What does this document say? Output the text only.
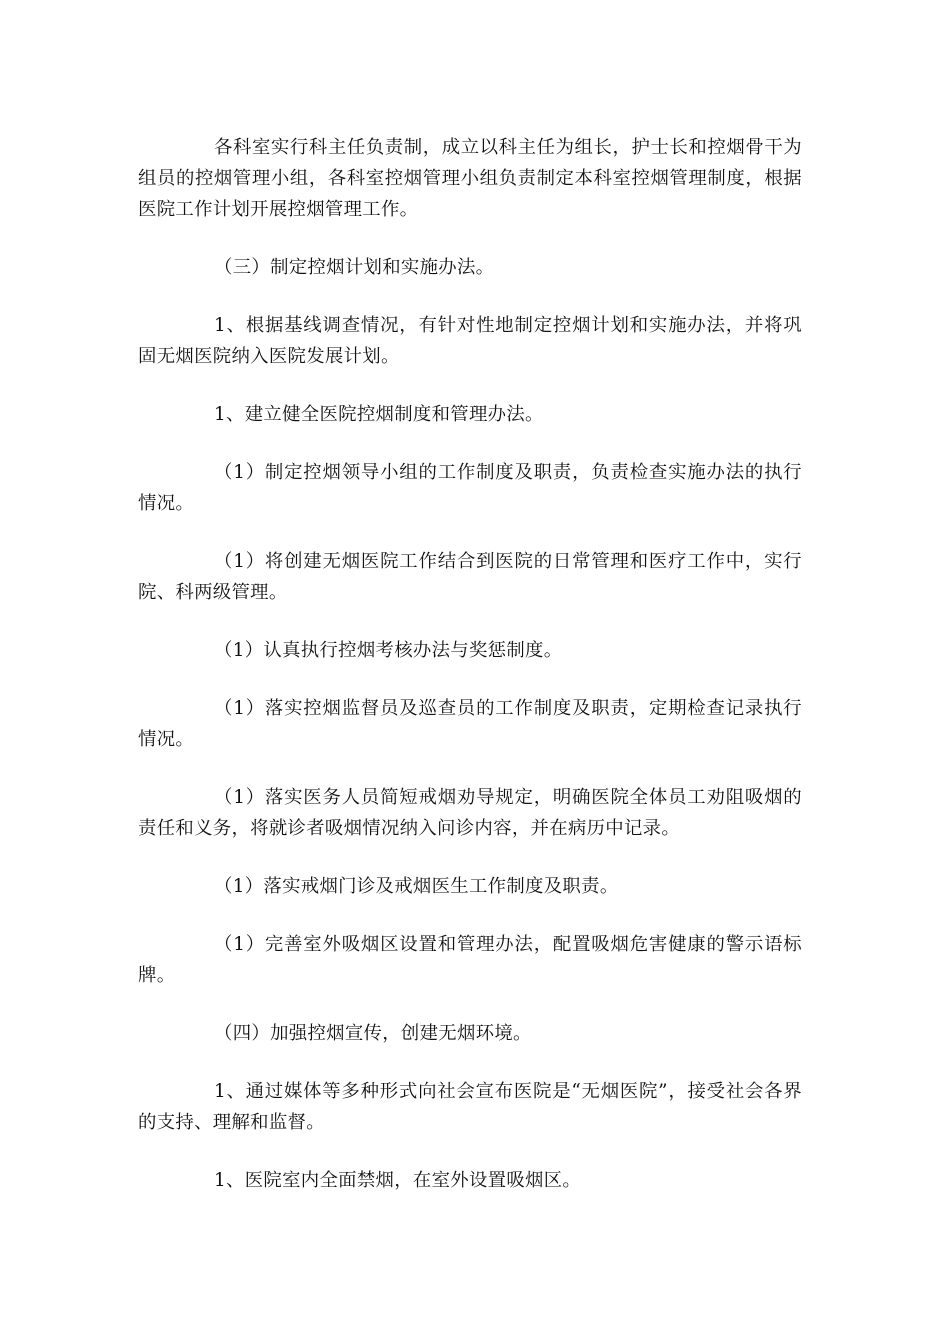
各科室实行科主任负责制，成立以科主任为组长，护士长和控烟骨干为组员的控烟管理小组，各科室控烟管理小组负责制定本科室控烟管理制度，根据医院工作计划开展控烟管理工作。

（三）制定控烟计划和实施办法。

1、根据基线调查情况，有针对性地制定控烟计划和实施办法，并将巩固无烟医院纳入医院发展计划。

1、建立健全医院控烟制度和管理办法。

（1）制定控烟领导小组的工作制度及职责，负责检查实施办法的执行情况。

（1）将创建无烟医院工作结合到医院的日常管理和医疗工作中，实行院、科两级管理。

（1）认真执行控烟考核办法与奖惩制度。

（1）落实控烟监督员及巡查员的工作制度及职责，定期检查记录执行情况。

（1）落实医务人员简短戒烟劝导规定，明确医院全体员工劝阻吸烟的责任和义务，将就诊者吸烟情况纳入问诊内容，并在病历中记录。

（1）落实戒烟门诊及戒烟医生工作制度及职责。

（1）完善室外吸烟区设置和管理办法，配置吸烟危害健康的警示语标牌。

（四）加强控烟宣传，创建无烟环境。

1、通过媒体等多种形式向社会宣布医院是“无烟医院”，接受社会各界的支持、理解和监督。

1、医院室内全面禁烟，在室外设置吸烟区。
